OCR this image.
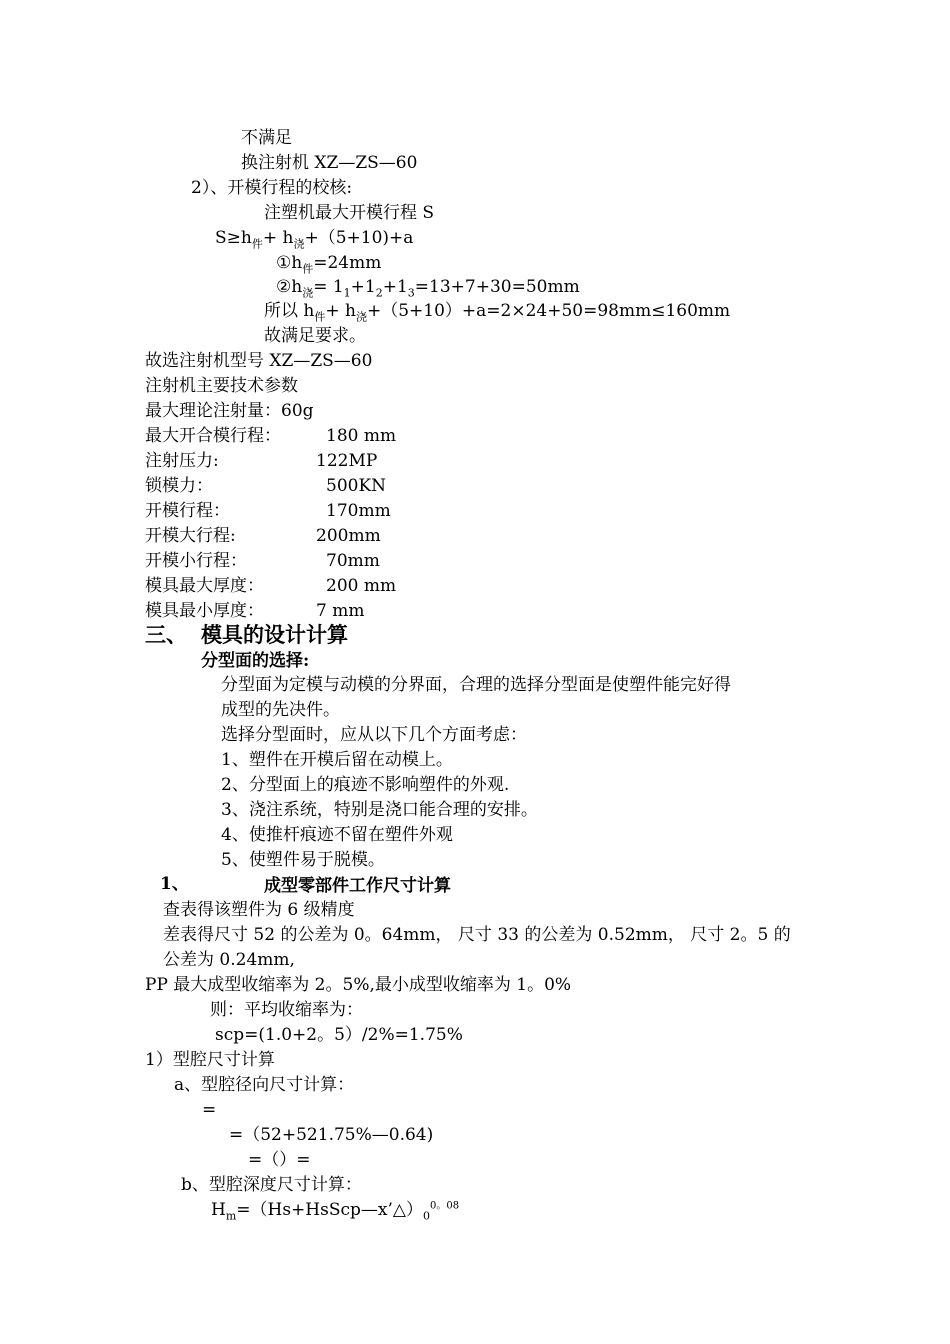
不满足
换注射机 XZ—ZS—60
2）、开模行程的校核:
注塑机最大开模行程 S
$S\ge h_件+ h_浇+(5+10)+a$
$①h_件=24mm$
$②h_浇= 1_1+1_2+1_3=13+7+30=50mm$
所以 $h_件+ h_浇+(5+10)+a=2\times 24+50=98mm\le 160mm$
故满足要求。
故选注射机型号 XZ—ZS—60
注射机主要技术参数
最大理论注射量：60g
最大开合模行程：	180 mm
注射压力:	122MP
锁模力：	500KN
开模行程：	170mm
开模大行程:	200mm
开模小行程：	70mm
模具最大厚度：	200 mm
模具最小厚度：	7 mm
三、 模具的设计计算
分型面的选择:
分型面为定模与动模的分界面，合理的选择分型面是使塑件能完好得
成型的先决件。
选择分型面时，应从以下几个方面考虑：
1、塑件在开模后留在动模上。
2、分型面上的痕迹不影响塑件的外观.
3、浇注系统，特别是浇口能合理的安排。
4、使推杆痕迹不留在塑件外观
5、使塑件易于脱模。
1、	成型零部件工作尺寸计算
查表得该塑件为 6 级精度
差表得尺寸 52 的公差为 0。64mm， 尺寸 33 的公差为 0.52mm， 尺寸 2。5 的
公差为 0.24mm,
PP 最大成型收缩率为 2。5%,最小成型收缩率为 1。0%
则：平均收缩率为：
scp=(1.0+2。5）/2%=1.75%
1）型腔尺寸计算
a、型腔径向尺寸计算：
=
=（52+521.75%—0.64)
=（）=
b、型腔深度尺寸计算：
$H_m=(Hs+HsScp—x’\triangle)_0^{0。08}$
